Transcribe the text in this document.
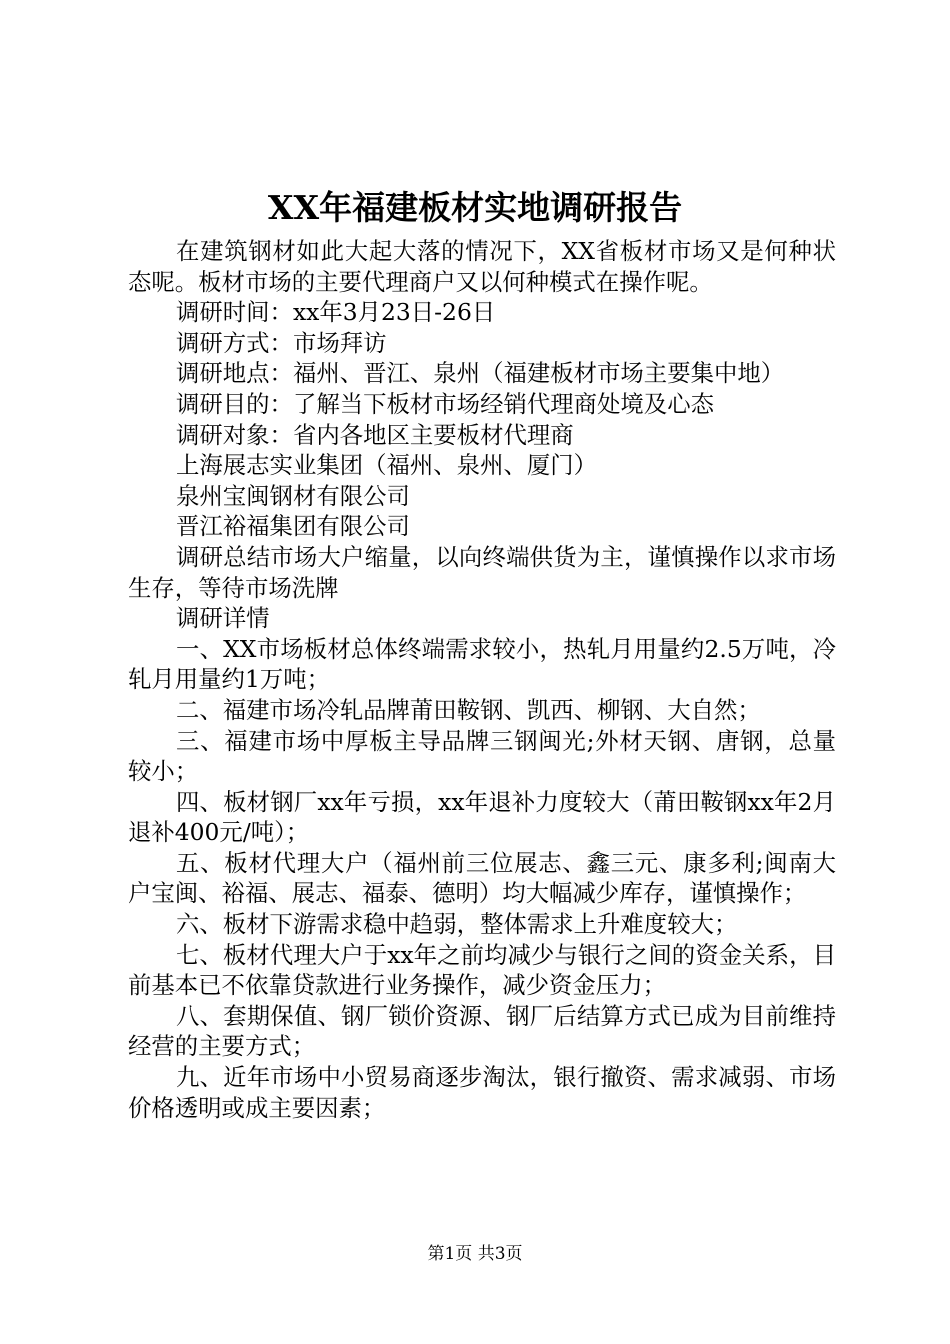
XX年福建板材实地调研报告

在建筑钢材如此大起大落的情况下，XX省板材市场又是何种状态呢。板材市场的主要代理商户又以何种模式在操作呢。

调研时间：xx年3月23日-26日

调研方式：市场拜访

调研地点：福州、晋江、泉州（福建板材市场主要集中地）

调研目的：了解当下板材市场经销代理商处境及心态

调研对象：省内各地区主要板材代理商

上海展志实业集团（福州、泉州、厦门）

泉州宝闽钢材有限公司

晋江裕福集团有限公司

调研总结市场大户缩量，以向终端供货为主，谨慎操作以求市场生存，等待市场洗牌

调研详情

一、XX市场板材总体终端需求较小，热轧月用量约2.5万吨，冷轧月用量约1万吨；

二、福建市场冷轧品牌莆田鞍钢、凯西、柳钢、大自然；

三、福建市场中厚板主导品牌三钢闽光;外材天钢、唐钢，总量较小；

四、板材钢厂xx年亏损，xx年退补力度较大（莆田鞍钢xx年2月退补400元/吨）；

五、板材代理大户（福州前三位展志、鑫三元、康多利;闽南大户宝闽、裕福、展志、福泰、德明）均大幅减少库存，谨慎操作；

六、板材下游需求稳中趋弱，整体需求上升难度较大；

七、板材代理大户于xx年之前均减少与银行之间的资金关系，目前基本已不依靠贷款进行业务操作，减少资金压力；

八、套期保值、钢厂锁价资源、钢厂后结算方式已成为目前维持经营的主要方式；

九、近年市场中小贸易商逐步淘汰，银行撤资、需求减弱、市场价格透明或成主要因素；

第1页 共3页
